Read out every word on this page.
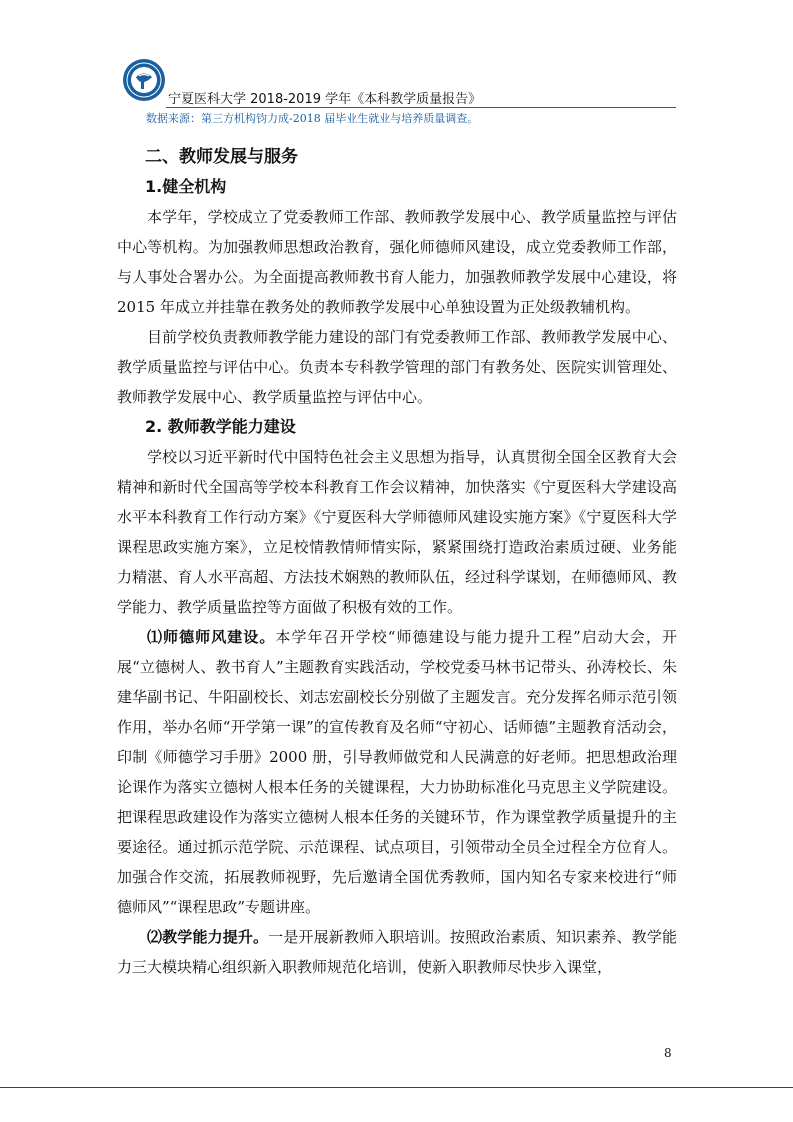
宁夏医科大学 2018-2019 学年《本科教学质量报告》
数据来源：第三方机构钧力成-2018 届毕业生就业与培养质量调查。
二、教师发展与服务
1.健全机构

本学年，学校成立了党委教师工作部、教师教学发展中心、教学质量监控与评估中心等机构。为加强教师思想政治教育，强化师德师风建设，成立党委教师工作部，与人事处合署办公。为全面提高教师教书育人能力，加强教师教学发展中心建设，将 2015 年成立并挂靠在教务处的教师教学发展中心单独设置为正处级教辅机构。

目前学校负责教师教学能力建设的部门有党委教师工作部、教师教学发展中心、教学质量监控与评估中心。负责本专科教学管理的部门有教务处、医院实训管理处、教师教学发展中心、教学质量监控与评估中心。

2. 教师教学能力建设

学校以习近平新时代中国特色社会主义思想为指导，认真贯彻全国全区教育大会精神和新时代全国高等学校本科教育工作会议精神，加快落实《宁夏医科大学建设高水平本科教育工作行动方案》《宁夏医科大学师德师风建设实施方案》《宁夏医科大学课程思政实施方案》，立足校情教情师情实际，紧紧围绕打造政治素质过硬、业务能力精湛、育人水平高超、方法技术娴熟的教师队伍，经过科学谋划，在师德师风、教学能力、教学质量监控等方面做了积极有效的工作。

⑴师德师风建设。本学年召开学校“师德建设与能力提升工程”启动大会，开展“立德树人、教书育人”主题教育实践活动，学校党委马林书记带头、孙涛校长、朱建华副书记、牛阳副校长、刘志宏副校长分别做了主题发言。充分发挥名师示范引领作用，举办名师“开学第一课”的宣传教育及名师“守初心、话师德”主题教育活动会，印制《师德学习手册》2000 册，引导教师做党和人民满意的好老师。把思想政治理论课作为落实立德树人根本任务的关键课程，大力协助标准化马克思主义学院建设。把课程思政建设作为落实立德树人根本任务的关键环节，作为课堂教学质量提升的主要途径。通过抓示范学院、示范课程、试点项目，引领带动全员全过程全方位育人。加强合作交流，拓展教师视野，先后邀请全国优秀教师，国内知名专家来校进行“师德师风”“课程思政”专题讲座。

⑵教学能力提升。一是开展新教师入职培训。按照政治素质、知识素养、教学能力三大模块精心组织新入职教师规范化培训，使新入职教师尽快步入课堂，

8
